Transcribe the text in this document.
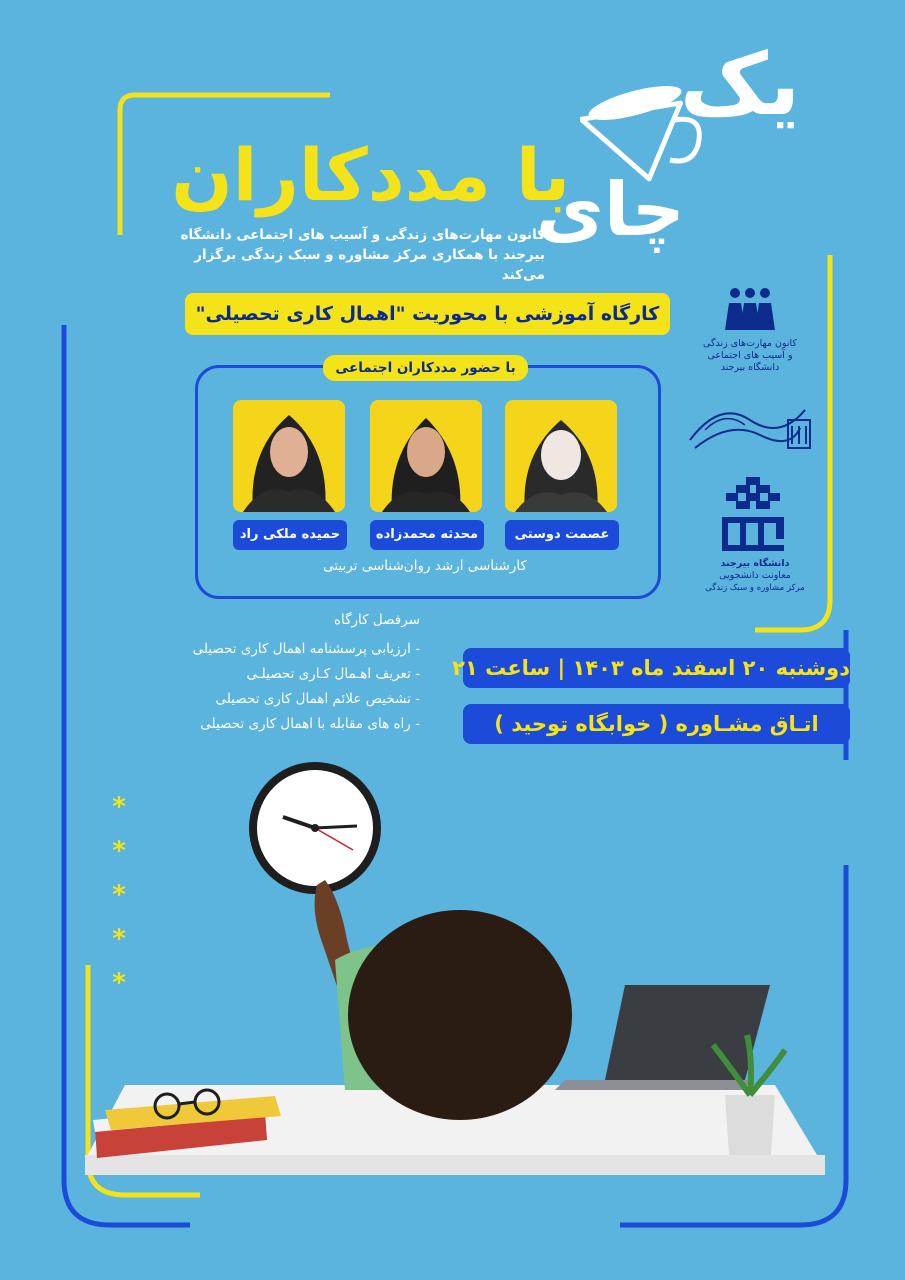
یک
چای
با مددکاران
کانون مهارت‌های زندگی و آسیب های اجتماعی دانشگاه بیرجند با همکاری مرکز مشاوره و سبک زندگی برگزار می‌کند
کانون مهارت‌های زندگی و آسیب های اجتماعی دانشگاه بیرجند
دانشگاه بیرجند
معاونت دانشجویی
مرکز مشاوره و سبک زندگی
کارگاه آموزشی با محوریت "اهمال کاری تحصیلی"
با حضور مددکاران اجتماعی
عصمت دوستی
محدثه محمدزاده
حمیده ملکی راد
کارشناسی ارشد روان‌شناسی تربیتی
سرفصل کارگاه
- ارزیابی پرسشنامه اهمال کاری تحصیلی
- تعریف اهـمال کـاری تحصیلـی
- تشخیص علائم اهمال کاری تحصیلی
- راه های مقابله با اهمال کاری تحصیلی
دوشنبه ۲۰ اسفند ماه ۱۴۰۳ | ساعت ۲۱
اتـاق مشـاوره ( خوابگاه توحید )
*
*
*
*
*
